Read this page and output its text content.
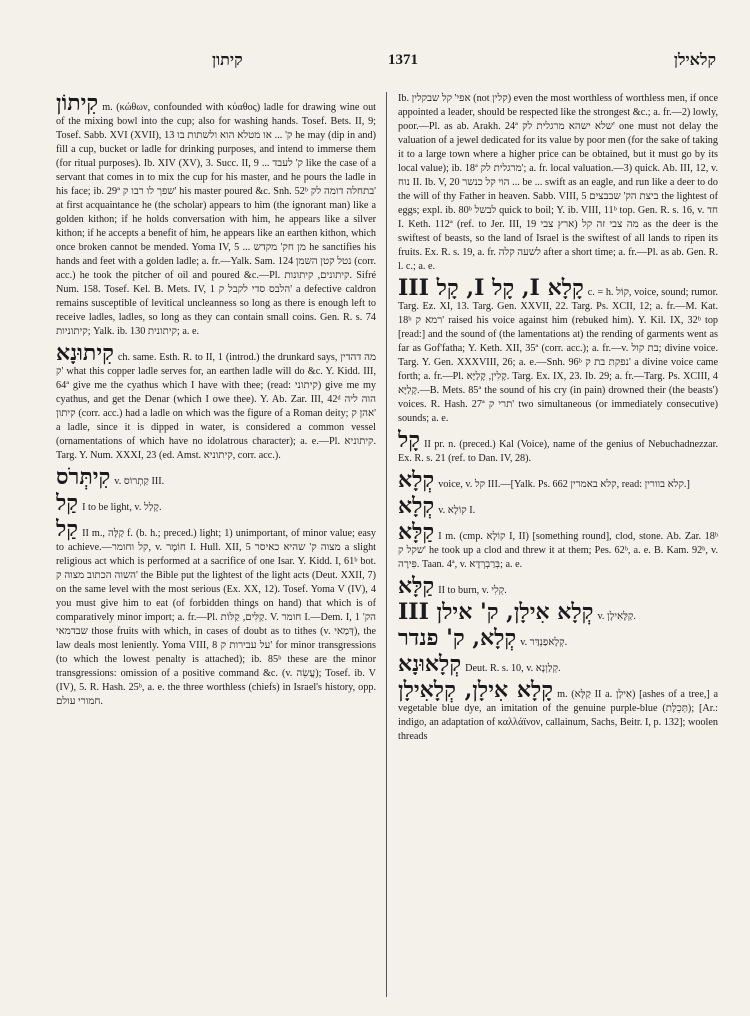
קיתון	1371	קלאילן

קִיתוֹן m. (κώθων, confounded with κύαθος) ladle for drawing wine out of the mixing bowl into the cup; also for washing hands. Tosef. Bets. II, 9; Tosef. Sabb. XVI (XVII), 13 ק' ... או מטלא הוא ולשתות בו he may (dip in and) fill a cup, bucket or ladle for drinking purposes, and intend to immerse them (for ritual purposes). Ib. XIV (XV), 3. Succ. II, 9 ... ק' לעבד like the case of a servant that comes in to mix the cup for his master, and he pours the ladle in his face; ib. 29ª שפך לו רבו ק' his master poured &c. Snh. 52ᵇ בתחלה דומה לק' at first acquaintance he (the scholar) appears to him (the ignorant man) like a golden kithon; if he holds conversation with him, he appears like a silver kithon; if he accepts a benefit of him, he appears like an earthen kithon, which once broken cannot be mended. Yoma IV, 5 ... מן חק' מקדש he sanctifies his hands and feet with a golden ladle; a. fr.—Yalk. Sam. 124 נטל קטן השמן (corr. acc.) he took the pitcher of oil and poured &c.—Pl. קיתונים, קיתונות. Sifré Num. 158. Tosef. Kel. B. Mets. IV, 1 הלבס סדי לקבל ק' a defective caldron remains susceptible of levitical uncleanness so long as there is enough left to receive ladles, ladles, so long as they can contain small coins. Gen. R. s. 74 קיתוניות; Yalk. ib. 130 קיתונית; a. e.

קִיתוּנָא ch. same. Esth. R. to II, 1 (introd.) the drunkard says, מה דהדין ק' what this copper ladle serves for, an earthen ladle will do &c. Y. Kidd. III, 64ª give me the cyathus which I have with thee; (read: קיתוני) give me my cyathus, and get the Denar (which I owe thee). Y. Ab. Zar. III, 42ᵈ הוה ליה קיתון (corr. acc.) had a ladle on which was the figure of a Roman deity; אהן ק' a ladle, since it is dipped in water, is considered a common vessel (ornamentations of which have no idolatrous character); a. e.—Pl. קיתוניא. Targ. Y. Num. XXXI, 23 (ed. Amst. קיתוניא, corr. acc.).

קִיתְּרֹס v. קַתְרוֹס III.

קַל I to be light, v. קָלַל.

קַל II m., קַלָּה f. (b. h.; preced.) light; 1) unimportant, of minor value; easy to achieve.—קל וחומר, v. חוֹמֶר I. Hull. XII, 5 מצוה ק' שהיא כאיסר a slight religious act which is performed at a sacrifice of one Isar. Y. Kidd. I, 61ᵇ bot. השוה הכתוב מצוה ק' the Bible put the lightest of the light acts (Deut. XXII, 7) on the same level with the most serious (Ex. XX, 12). Tosef. Yoma V (IV), 4 you must give him to eat (of forbidden things on hand) that which is of comparatively minor import; a. fr.—Pl. קַלִּים, קַלּוֹת. V. חומר I.—Dem. I, 1 הק' שבדמאי those fruits with which, in cases of doubt as to tithes (v. דְּמַאי), the law deals most leniently. Yoma VIII, 8 על עבירות ק' for minor transgressions (to which the lowest penalty is attached); ib. 85ᵇ these are the minor transgressions: omission of a positive command &c. (v. עֲשֵׂה); Tosef. ib. V (IV), 5. R. Hash. 25ᵇ, a. e. the three worthless (chiefs) in Israel's history, opp. חמורי עולם.

Ib. אפי' קל שבקלין (not קלין) even the most worthless of worthless men, if once appointed a leader, should be respected like the strongest &c.; a. fr.—2) lowly, poor.—Pl. as ab. Arakh. 24ª שלא ישהא מרגלית לק' one must not delay the valuation of a jewel dedicated for its value by poor men (for the sake of taking it to a large town where a higher price can be obtained, but it must go by its local value); ib. 18ª מרגלית לק'; a. fr. local valuation.—3) quick. Ab. III, 12, v. נוח II. Ib. V, 20 הוי קל כנשר ... be ... swift as an eagle, and run like a deer to do the will of thy Father in heaven. Sabb. VIII, 5 ביצת הק' שבבצים the lightest of eggs; expl. ib. 80ᵇ לבשל quick to boil; Y. ib. VIII, 11ᵇ top. Gen. R. s. 16, v. חד I. Keth. 112ª (ref. to Jer. III, 19 ארץ צבי) מה צבי זה קל as the deer is the swiftest of beasts, so the land of Israel is the swiftest of all lands to ripen its fruits. Ex. R. s. 19, a. fr. לשעה קלה after a short time; a. fr.—Pl. as ab. Gen. R. l. c.; a. e.

קָלָא I, קָל I, קָל III c. = h. קוֹל, voice, sound; rumor. Targ. Ez. XI, 13. Targ. Gen. XXVII, 22. Targ. Ps. XCII, 12; a. fr.—M. Kat. 18ᵇ רמא ק' raised his voice against him (rebuked him). Y. Kil. IX, 32ᵇ top [read:] and the sound of (the lamentations at) the rending of garments went as far as Gof'fatha; Y. Keth. XII, 35ª (corr. acc.); a. fr.—v. בת קול; divine voice. Targ. Y. Gen. XXXVIII, 26; a. e.—Snh. 96ᵇ נפקת בת ק' a divine voice came forth; a. fr.—Pl. קָלִין, קָלַיָּא. Targ. Ex. IX, 23. Ib. 29; a. fr.—Targ. Ps. XCIII, 4 קָלַיָּא.—B. Mets. 85ª the sound of his cry (in pain) drowned their (the beasts') voices. R. Hash. 27ª תרי ק' two simultaneous (or immediately consecutive) sounds; a. e.

קָל II pr. n. (preced.) Kal (Voice), name of the genius of Nebuchadnezzar. Ex. R. s. 21 (ref. to Dan. IV, 28).

קְלָא voice, v. קל III.—[Yalk. Ps. 662 קלא באמרין, read: קלא בוורין.]

קְלָא v. קוֹלָא I.

קַלָּא I m. (cmp. קוֹלָא I, II) [something round], clod, stone. Ab. Zar. 18ᵇ שקל ק' he took up a clod and threw it at them; Pes. 62ᵇ, a. e. B. Kam. 92ᵇ, v. פִּירָה. Taan. 4ª, v. בְּרַבְרְדָא; a. e.

קַלָּא II to burn, v. קְלִי.

קְלָא אִילָן, ק' אילן III v. קַלָּאִילָן.

קְלָא, ק' פנדר v. קְלָאפַנְדַּר.

קְלָאוּנָא Deut. R. s. 10, v. קְלַוְנָא.

קָלָא אִילָן, קְלָאִילָן m. (קַלָּא II a. אִילָן) [ashes of a tree,] a vegetable blue dye, an imitation of the genuine purple-blue (תְּכֵלֶת); [Ar.: indigo, an adaptation of καλλάϊνον, callainum, Sachs, Beitr. I, p. 132]; woolen threads
